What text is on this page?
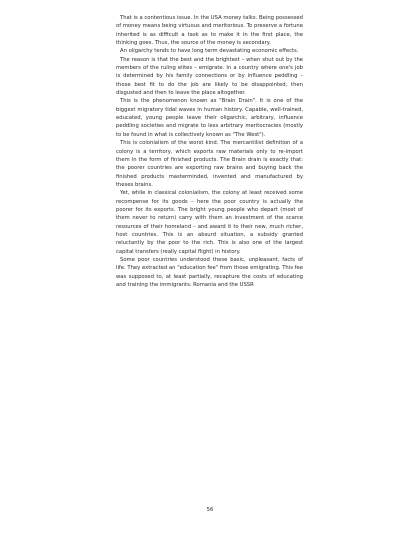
That is a contentious issue. In the USA money talks. Being possessed of money means being virtuous and meritorious. To preserve a fortune inherited is as difficult a task as to make it in the first place, the thinking goes. Thus, the source of the money is secondary.

An oligarchy tends to have long term devastating economic effects.

The reason is that the best and the brightest – when shut out by the members of the ruling elites – emigrate. In a country where one's job is determined by his family connections or by influence peddling – those best fit to do the job are likely to be disappointed, then disgusted and then to leave the place altogether.

This is the phenomenon known as "Brain Drain". It is one of the biggest migratory tidal waves in human history. Capable, well-trained, educated, young people leave their oligarchic, arbitrary, influence peddling societies and migrate to less arbitrary meritocracies (mostly to be found in what is collectively known as "The West").

This is colonialism of the worst kind. The mercantilist definition of a colony is a territory, which exports raw materials only to re-import them in the form of finished products. The Brain drain is exactly that: the poorer countries are exporting raw brains and buying back the finished products masterminded, invented and manufactured by theses brains.

Yet, while in classical colonialism, the colony at least received some recompense for its goods – here the poor country is actually the poorer for its exports. The bright young people who depart (most of them never to return) carry with them an investment of the scarce resources of their homeland – and award it to their new, much richer, host countries. This is an absurd situation, a subsidy granted reluctantly by the poor to the rich. This is also one of the largest capital transfers (really capital flight) in history.

Some poor countries understood these basic, unpleasant, facts of life. They extracted an "education fee" from those emigrating. This fee was supposed to, at least partially, recapture the costs of educating and training the immigrants. Romania and the USSR

56
